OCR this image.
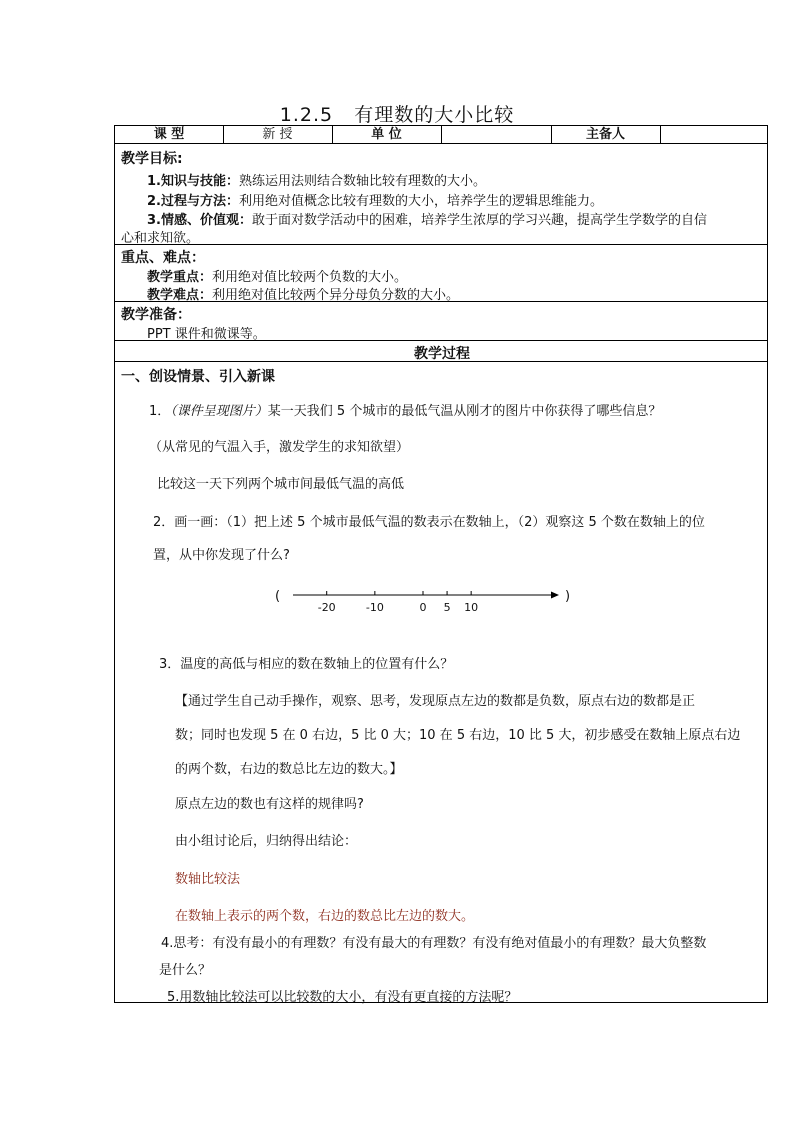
1.2.5 有理数的大小比较
课 型	新 授	单 位	主备人
教学目标:
1.知识与技能：熟练运用法则结合数轴比较有理数的大小。
2.过程与方法：利用绝对值概念比较有理数的大小，培养学生的逻辑思维能力。
3.情感、价值观：敢于面对数学活动中的困难，培养学生浓厚的学习兴趣，提高学生学数学的自信
心和求知欲。
重点、难点：
教学重点：利用绝对值比较两个负数的大小。
教学难点：利用绝对值比较两个异分母负分数的大小。
教学准备：
PPT 课件和微课等。
教学过程
一、创设情景、引入新课
1．（课件呈现图片）某一天我们 5 个城市的最低气温从刚才的图片中你获得了哪些信息？
（从常见的气温入手，激发学生的求知欲望）
比较这一天下列两个城市间最低气温的高低
2．画一画：（1）把上述 5 个城市最低气温的数表示在数轴上，（2）观察这 5 个数在数轴上的位
置，从中你发现了什么?
(	)
-20	-10	0 5 10
3．温度的高低与相应的数在数轴上的位置有什么？
【通过学生自己动手操作，观察、思考，发现原点左边的数都是负数，原点右边的数都是正
数；同时也发现 5 在 0 右边，5 比 0 大；10 在 5 右边，10 比 5 大，初步感受在数轴上原点右边
的两个数，右边的数总比左边的数大。】
原点左边的数也有这样的规律吗?
由小组讨论后，归纳得出结论：
数轴比较法
在数轴上表示的两个数，右边的数总比左边的数大。
4.思考：有没有最小的有理数？有没有最大的有理数？有没有绝对值最小的有理数？最大负整数
是什么？
5.用数轴比较法可以比较数的大小，有没有更直接的方法呢？
